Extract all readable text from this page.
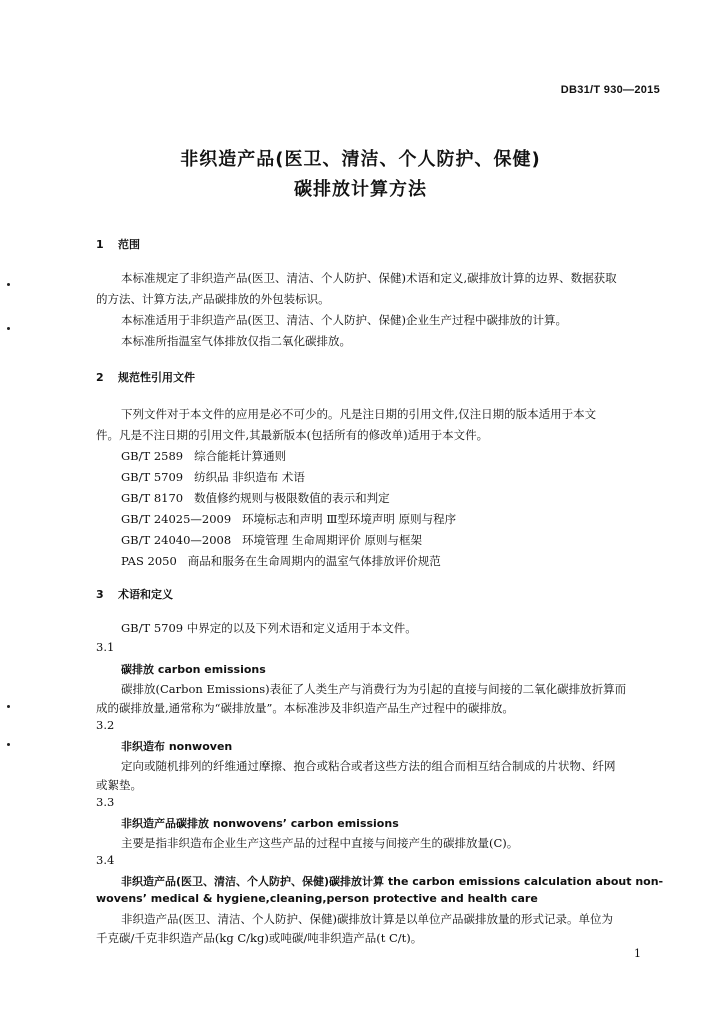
DB31/T 930—2015
非织造产品(医卫、清洁、个人防护、保健)
碳排放计算方法
1 范围
本标准规定了非织造产品(医卫、清洁、个人防护、保健)术语和定义,碳排放计算的边界、数据获取
的方法、计算方法,产品碳排放的外包装标识。
本标准适用于非织造产品(医卫、清洁、个人防护、保健)企业生产过程中碳排放的计算。
本标准所指温室气体排放仅指二氧化碳排放。
2 规范性引用文件
下列文件对于本文件的应用是必不可少的。凡是注日期的引用文件,仅注日期的版本适用于本文
件。凡是不注日期的引用文件,其最新版本(包括所有的修改单)适用于本文件。
GB/T 2589 综合能耗计算通则
GB/T 5709 纺织品 非织造布 术语
GB/T 8170 数值修约规则与极限数值的表示和判定
GB/T 24025—2009 环境标志和声明 Ⅲ型环境声明 原则与程序
GB/T 24040—2008 环境管理 生命周期评价 原则与框架
PAS 2050 商品和服务在生命周期内的温室气体排放评价规范
3 术语和定义
GB/T 5709 中界定的以及下列术语和定义适用于本文件。
3.1
碳排放 carbon emissions
碳排放(Carbon Emissions)表征了人类生产与消费行为为引起的直接与间接的二氧化碳排放折算而
成的碳排放量,通常称为“碳排放量”。本标准涉及非织造产品生产过程中的碳排放。
3.2
非织造布 nonwoven
定向或随机排列的纤维通过摩擦、抱合或粘合或者这些方法的组合而相互结合制成的片状物、纤网
或絮垫。
3.3
非织造产品碳排放 nonwovens’ carbon emissions
主要是指非织造布企业生产这些产品的过程中直接与间接产生的碳排放量(C)。
3.4
非织造产品(医卫、清洁、个人防护、保健)碳排放计算 the carbon emissions calculation about non-
wovens’ medical & hygiene,cleaning,person protective and health care
非织造产品(医卫、清洁、个人防护、保健)碳排放计算是以单位产品碳排放量的形式记录。单位为
千克碳/千克非织造产品(kg C/kg)或吨碳/吨非织造产品(t C/t)。
1
